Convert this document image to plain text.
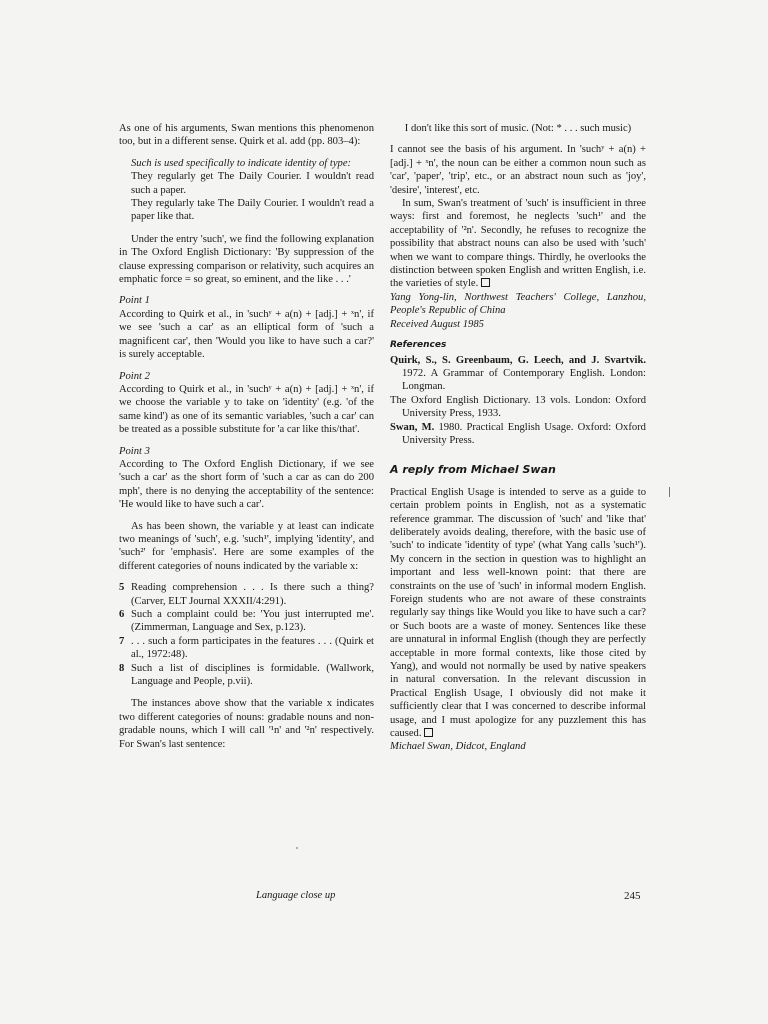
As one of his arguments, Swan mentions this phenomenon too, but in a different sense. Quirk et al. add (pp. 803–4):

Such is used specifically to indicate identity of type:

They regularly get The Daily Courier. I wouldn't read such a paper.

They regularly take The Daily Courier. I wouldn't read a paper like that.

Under the entry 'such', we find the following explanation in The Oxford English Dictionary: 'By suppression of the clause expressing comparison or relativity, such acquires an emphatic force = so great, so eminent, and the like . . .'

Point 1

According to Quirk et al., in 'suchʸ + a(n) + [adj.] + ˣn', if we see 'such a car' as an elliptical form of 'such a magnificent car', then 'Would you like to have such a car?' is surely acceptable.

Point 2

According to Quirk et al., in 'suchʸ + a(n) + [adj.] + ˣn', if we choose the variable y to take on 'identity' (e.g. 'of the same kind') as one of its semantic variables, 'such a car' can be treated as a possible substitute for 'a car like this/that'.

Point 3

According to The Oxford English Dictionary, if we see 'such a car' as the short form of 'such a car as can do 200 mph', there is no denying the acceptability of the sentence: 'He would like to have such a car'.

As has been shown, the variable y at least can indicate two meanings of 'such', e.g. 'such¹', implying 'identity', and 'such²' for 'emphasis'. Here are some examples of the different categories of nouns indicated by the variable x:

5 Reading comprehension . . . Is there such a thing? (Carver, ELT Journal XXXII/4:291).
6 Such a complaint could be: 'You just interrupted me'. (Zimmerman, Language and Sex, p.123).
7 . . . such a form participates in the features . . . (Quirk et al., 1972:48).
8 Such a list of disciplines is formidable. (Wallwork, Language and People, p.vii).

The instances above show that the variable x indicates two different categories of nouns: gradable nouns and non-gradable nouns, which I will call '¹n' and '²n' respectively. For Swan's last sentence:

I don't like this sort of music. (Not: * . . . such music)

I cannot see the basis of his argument. In 'suchʸ + a(n) + [adj.] + ˣn', the noun can be either a common noun such as 'car', 'paper', 'trip', etc., or an abstract noun such as 'joy', 'desire', 'interest', etc.

In sum, Swan's treatment of 'such' is insufficient in three ways: first and foremost, he neglects 'such¹' and the acceptability of '²n'. Secondly, he refuses to recognize the possibility that abstract nouns can also be used with 'such' when we want to compare things. Thirdly, he overlooks the distinction between spoken English and written English, i.e. the varieties of style.

Yang Yong-lin, Northwest Teachers' College, Lanzhou, People's Republic of China

Received August 1985

References

Quirk, S., S. Greenbaum, G. Leech, and J. Svartvik. 1972. A Grammar of Contemporary English. London: Longman.

The Oxford English Dictionary. 13 vols. London: Oxford University Press, 1933.

Swan, M. 1980. Practical English Usage. Oxford: Oxford University Press.

A reply from Michael Swan

Practical English Usage is intended to serve as a guide to certain problem points in English, not as a systematic reference grammar. The discussion of 'such' and 'like that' deliberately avoids dealing, therefore, with the basic use of 'such' to indicate 'identity of type' (what Yang calls 'such¹'). My concern in the section in question was to highlight an important and less well-known point: that there are constraints on the use of 'such' in informal modern English. Foreign students who are not aware of these constraints regularly say things like Would you like to have such a car? or Such boots are a waste of money. Sentences like these are unnatural in informal English (though they are perfectly acceptable in more formal contexts, like those cited by Yang), and would not normally be used by native speakers in natural conversation. In the relevant discussion in Practical English Usage, I obviously did not make it sufficiently clear that I was concerned to describe informal usage, and I must apologize for any puzzlement this has caused.

Michael Swan, Didcot, England

Language close up	245
